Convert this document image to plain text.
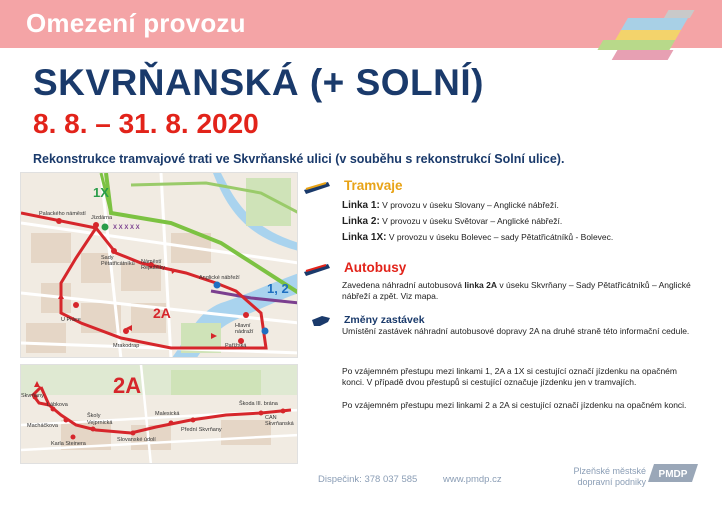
Omezení provozu
SKVRŇANSKÁ (+ SOLNÍ)
8. 8. – 31. 8. 2020
Rekonstrukce tramvajové trati ve Skvrňanské ulici (v souběhu s rekonstrukcí Solní ulice).
1X
2A
1, 2
X X X X X
Palackého náměstí
Jízdárna
Sady Pětatřicátníků Náměstí Republiky
Anglické nábřeží
Hlavní nádraží
U Práce
Mrakodrap	Pařížská
2A
Skvrňany
Lábkova
Macháčkova
Školy Vejprnická
Karla Steinera
Slovanské údolí
Malesická
Přední Skvrňany
Škoda III. brána
CAN Skvrňanská
Tramvaje
Linka 1: V provozu v úseku Slovany – Anglické nábřeží.
Linka 2: V provozu v úseku Světovar – Anglické nábřeží.
Linka 1X: V provozu v úseku Bolevec – sady Pětatřicátníků - Bolevec.
Autobusy
Zavedena náhradní autobusová linka 2A v úseku Skvrňany – Sady Pětatřicátníků – Anglické nábřeží a zpět. Viz mapa.
Změny zastávek
Umístění zastávek náhradní autobusové dopravy 2A na druhé straně této informační cedule.
Po vzájemném přestupu mezi linkami 1, 2A a 1X si cestující označí jízdenku na opačném konci. V případě dvou přestupů si cestující označuje jízdenku jen v tramvajích.
Po vzájemném přestupu mezi linkami 2 a 2A si cestující označí jízdenku na opačném konci.
Dispečink: 378 037 585	www.pmdp.cz
Plzeňské městské
dopravní podniky
PMDP
